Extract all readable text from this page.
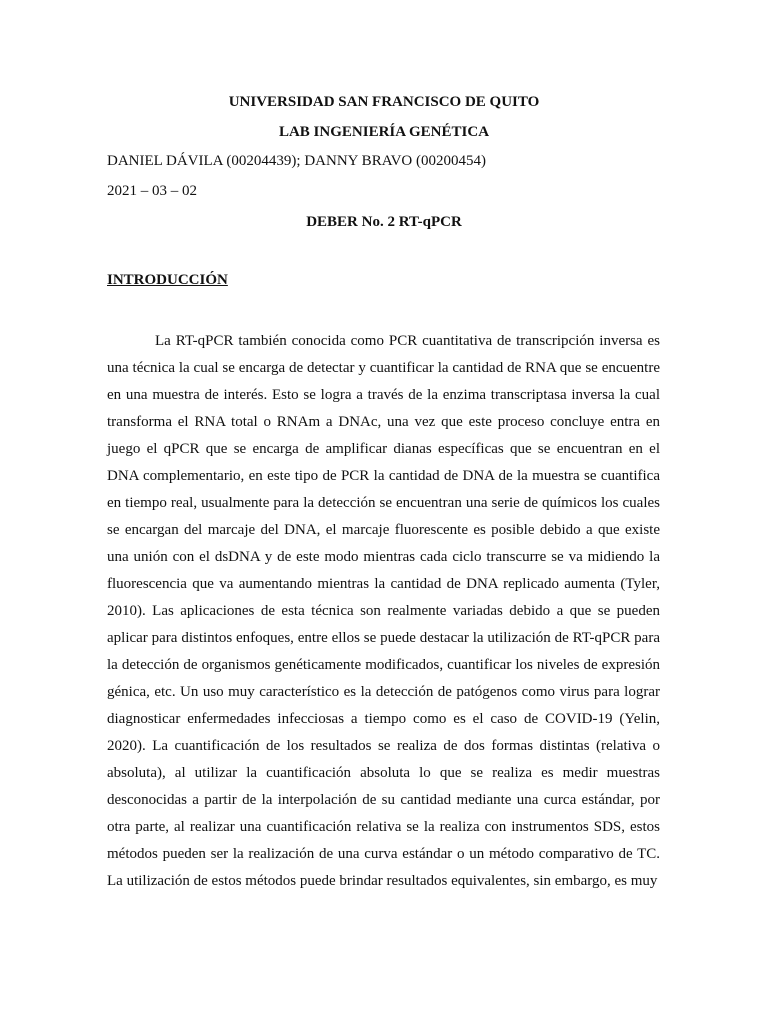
UNIVERSIDAD SAN FRANCISCO DE QUITO
LAB INGENIERÍA GENÉTICA
DANIEL DÁVILA (00204439); DANNY BRAVO (00200454)
2021 – 03 – 02
DEBER No. 2 RT-qPCR
INTRODUCCIÓN

La RT-qPCR también conocida como PCR cuantitativa de transcripción inversa es una técnica la cual se encarga de detectar y cuantificar la cantidad de RNA que se encuentre en una muestra de interés. Esto se logra a través de la enzima transcriptasa inversa la cual transforma el RNA total o RNAm a DNAc, una vez que este proceso concluye entra en juego el qPCR que se encarga de amplificar dianas específicas que se encuentran en el DNA complementario, en este tipo de PCR la cantidad de DNA de la muestra se cuantifica en tiempo real, usualmente para la detección se encuentran una serie de químicos los cuales se encargan del marcaje del DNA, el marcaje fluorescente es posible debido a que existe una unión con el dsDNA y de este modo mientras cada ciclo transcurre se va midiendo la fluorescencia que va aumentando mientras la cantidad de DNA replicado aumenta (Tyler, 2010). Las aplicaciones de esta técnica son realmente variadas debido a que se pueden aplicar para distintos enfoques, entre ellos se puede destacar la utilización de RT-qPCR para la detección de organismos genéticamente modificados, cuantificar los niveles de expresión génica, etc. Un uso muy característico es la detección de patógenos como virus para lograr diagnosticar enfermedades infecciosas a tiempo como es el caso de COVID-19 (Yelin, 2020). La cuantificación de los resultados se realiza de dos formas distintas (relativa o absoluta), al utilizar la cuantificación absoluta lo que se realiza es medir muestras desconocidas a partir de la interpolación de su cantidad mediante una curca estándar, por otra parte, al realizar una cuantificación relativa se la realiza con instrumentos SDS, estos métodos pueden ser la realización de una curva estándar o un método comparativo de TC. La utilización de estos métodos puede brindar resultados equivalentes, sin embargo, es muy
